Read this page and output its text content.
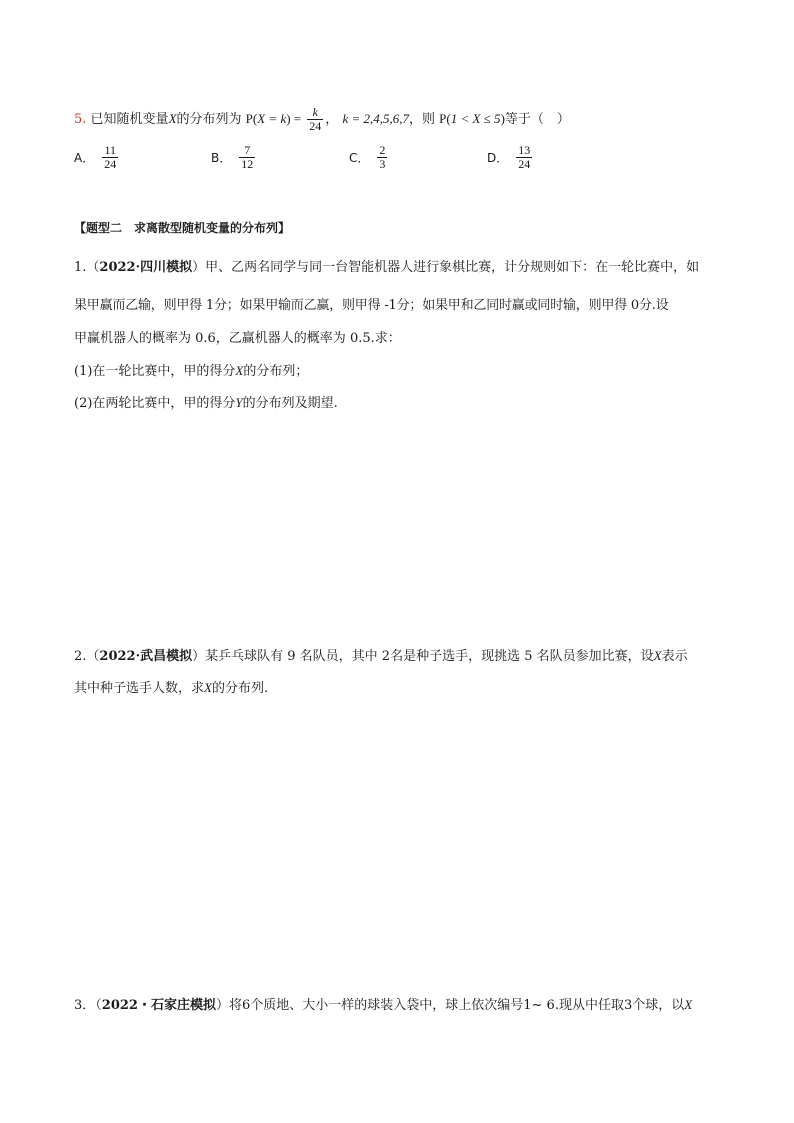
5. 已知随机变量X的分布列为 $P(X = k) = \frac{k}{24}$ ， k = 2,4,5,6,7，则 P(1 < X ≤ 5)等于（　）
A． $\frac{11}{24}$	B． $\frac{7}{12}$	C． $\frac{2}{3}$	D． $\frac{13}{24}$
【题型二　求离散型随机变量的分布列】
1.（2022·四川模拟）甲、乙两名同学与同一台智能机器人进行象棋比赛，计分规则如下：在一轮比赛中，如
果甲赢而乙输，则甲得 1分；如果甲输而乙赢，则甲得 -1分；如果甲和乙同时赢或同时输，则甲得 0分.设
甲赢机器人的概率为 0.6，乙赢机器人的概率为 0.5.求：
(1)在一轮比赛中，甲的得分X的分布列；
(2)在两轮比赛中，甲的得分Y的分布列及期望.
2.（2022·武昌模拟）某乒乓球队有 9 名队员，其中 2名是种子选手，现挑选 5 名队员参加比赛，设X表示
其中种子选手人数，求X的分布列.
3．（2022・石家庄模拟）将6个质地、大小一样的球装入袋中，球上依次编号1~ 6.现从中任取3个球，以X
